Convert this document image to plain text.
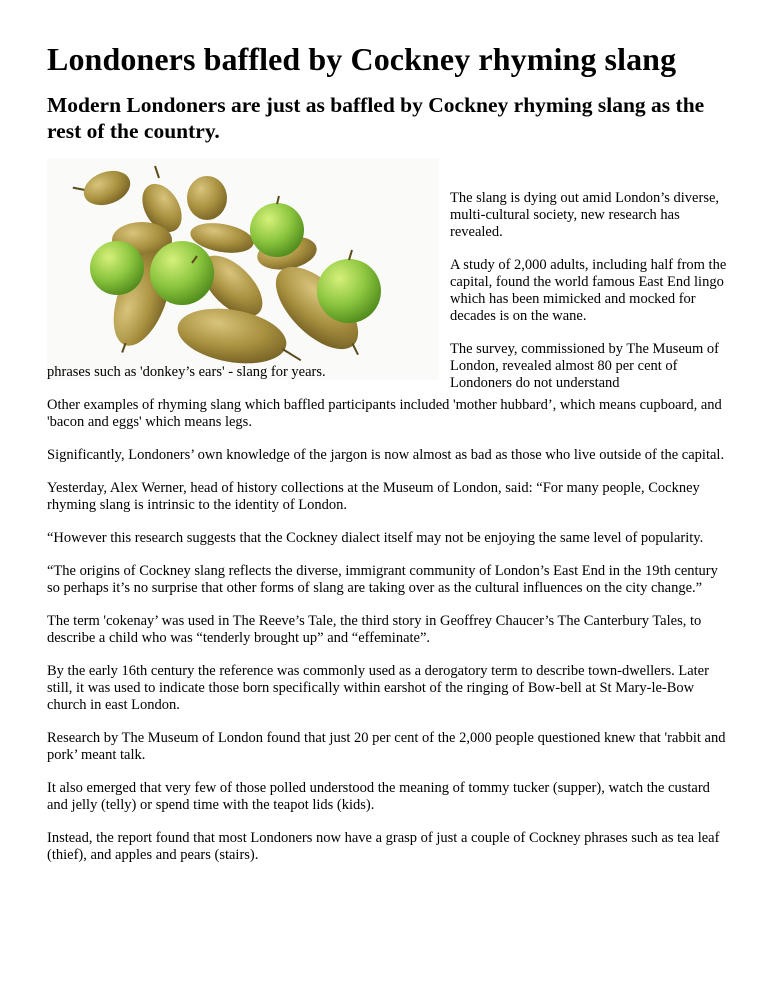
Londoners baffled by Cockney rhyming slang
Modern Londoners are just as baffled by Cockney rhyming slang as the rest of the country.

The slang is dying out amid London’s diverse, multi-cultural society, new research has revealed.

A study of 2,000 adults, including half from the capital, found the world famous East End lingo which has been mimicked and mocked for decades is on the wane.

The survey, commissioned by The Museum of London, revealed almost 80 per cent of Londoners do not understand

phrases such as 'donkey’s ears' - slang for years.

Other examples of rhyming slang which baffled participants included 'mother hubbard’, which means cupboard, and 'bacon and eggs' which means legs.

Significantly, Londoners’ own knowledge of the jargon is now almost as bad as those who live outside of the capital.

Yesterday, Alex Werner, head of history collections at the Museum of London, said: “For many people, Cockney rhyming slang is intrinsic to the identity of London.

“However this research suggests that the Cockney dialect itself may not be enjoying the same level of popularity.

“The origins of Cockney slang reflects the diverse, immigrant community of London’s East End in the 19th century so perhaps it’s no surprise that other forms of slang are taking over as the cultural influences on the city change.”

The term 'cokenay’ was used in The Reeve’s Tale, the third story in Geoffrey Chaucer’s The Canterbury Tales, to describe a child who was “tenderly brought up” and “effeminate”.

By the early 16th century the reference was commonly used as a derogatory term to describe town-dwellers. Later still, it was used to indicate those born specifically within earshot of the ringing of Bow-bell at St Mary-le-Bow church in east London.

Research by The Museum of London found that just 20 per cent of the 2,000 people questioned knew that 'rabbit and pork’ meant talk.

It also emerged that very few of those polled understood the meaning of tommy tucker (supper), watch the custard and jelly (telly) or spend time with the teapot lids (kids).

Instead, the report found that most Londoners now have a grasp of just a couple of Cockney phrases such as tea leaf (thief), and apples and pears (stairs).
